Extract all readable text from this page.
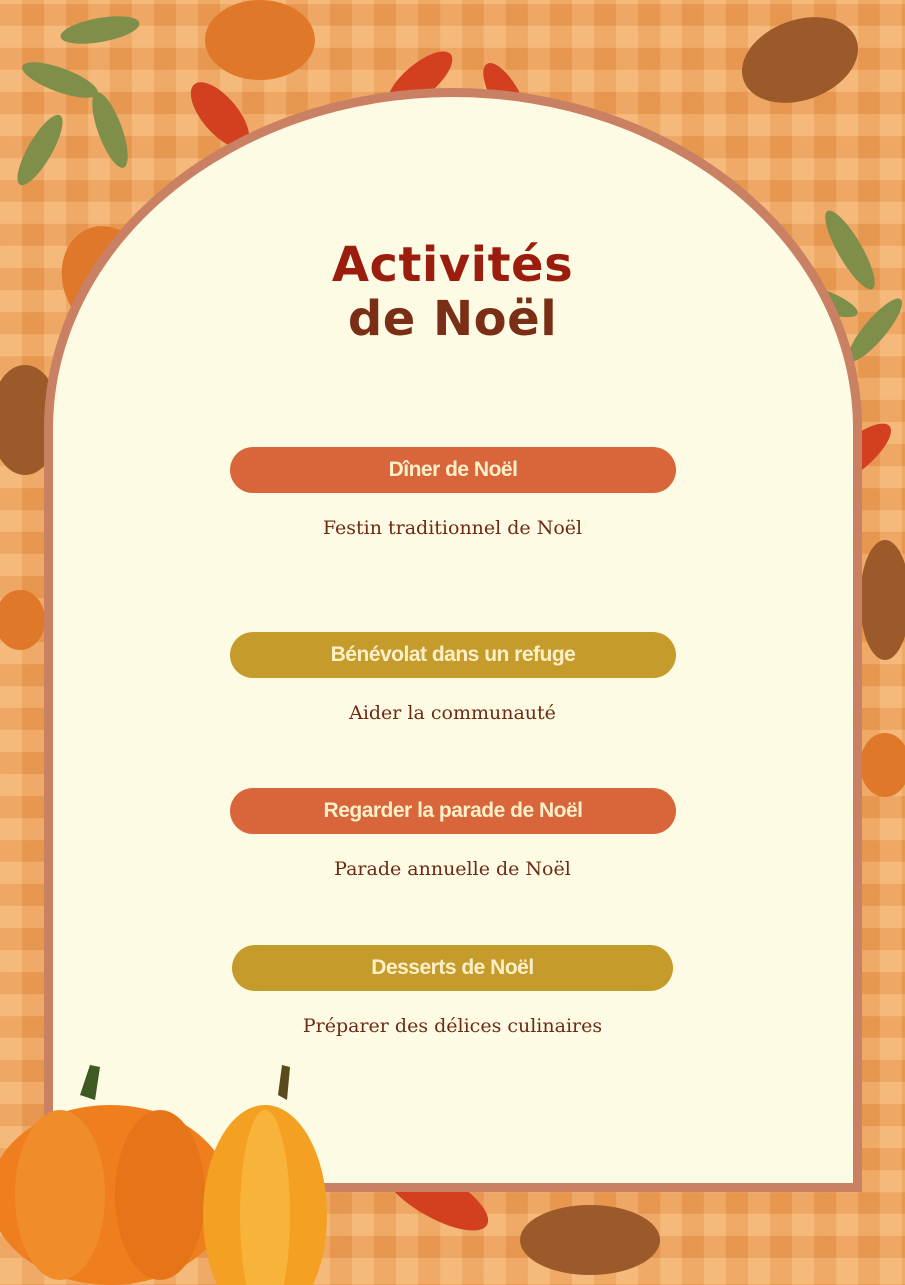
Activités
de Noël
Dîner de Noël
Festin traditionnel de Noël
Bénévolat dans un refuge
Aider la communauté
Regarder la parade de Noël
Parade annuelle de Noël
Desserts de Noël
Préparer des délices culinaires
